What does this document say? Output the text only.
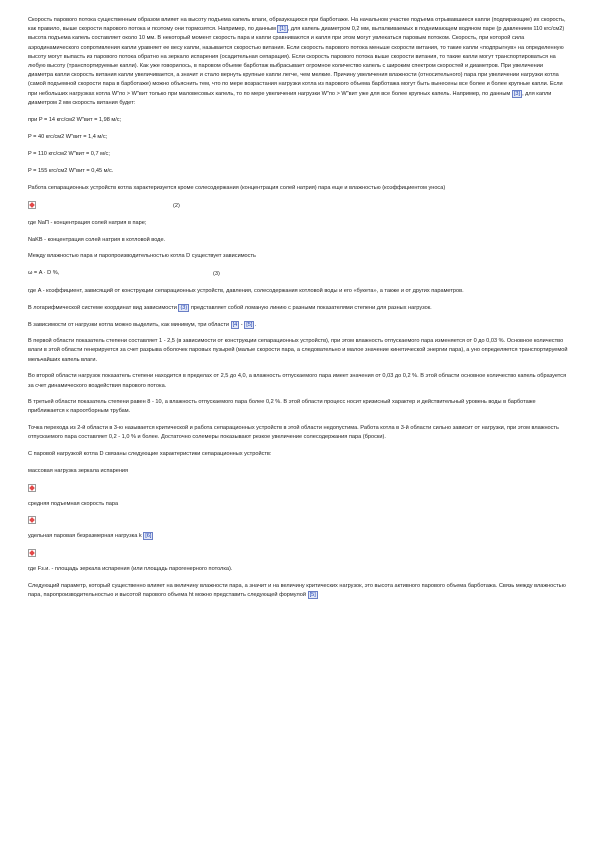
Скорость парового потока существенным образом влияет на высоту подъема капель влаги, образующихся при барботаже. На начальном участке подъема отрывавшиеся капли (подпирающие) их скорость, как правило, выше скорости парового потока и поэтому они тормозятся. Например, по данным [1] , для капель диаметром 0,2 мм, выталкиваемых в поднимающем водяном паре (р давлением 110 кгс/см2) высота подъема капель составляет около 10 мм. В некоторый момент скорость пара и капли сравниваются и капля при этом могут увлекаться паровым потоком. Скорость, при которой сила аэродинамического сопротивления капли уравняет ее весу капли, называется скоростью витания. Если скорость парового потока меньше скорости витания, то такие капли «подпрыгнув» на определенную высоту могут выпасть из парового потока обратно на зеркало испарения (осадительная сепарация). Если скорость парового потока выше скорости витания, то такие капли могут транспортироваться на любую высоту (транспортируемые капли). Как уже говорилось, в паровом объеме барботаж выбрасывает огромное количество капель с широким спектром скоростей и диаметров. При увеличении диаметра капли скорость витания капли увеличивается, а значит и стало вернуть крупные капли легче, чем мелкие. Причину увеличения влажности (относительного) пара при увеличении нагрузки котла (самой подъемной скорости пара в барботаже) можно объяснить тем, что по мере возрастания нагрузки котла из парового объема барботажа могут быть вынесены все более и более крупные капли. Если при небольших нагрузках котла W"пo > W"вит только при маловесовых капель, то по мере увеличения нагрузки W"пo > W"вит уже для все более крупных капель. Например, по данным [3] , для капли диаметром 2 мм скорость витания будет:

при P = 14 кгс/см2 W"вит = 1,98 м/с;

P = 40 кгс/см2 W"вит = 1,4 м/с;

P = 110 кгс/см2 W"вит = 0,7 м/с;

P = 155 кгс/см2 W"вит = 0,45 м/с.

Работа сепарационных устройств котла характеризуется кроме солесодержания (концентрация солей натрия) пара еще и влажностью (коэффициентом уноса)

(2)

где NaП - концентрация солей натрия в паре;

NaKB - концентрация солей натрия в котловой воде.

Между влажностью пара и паропроизводительностью котла D существует зависимость

ω = A · D %,	(3)

где A - коэффициент, зависящий от конструкции сепарационных устройств, давления, солесодержания котловой воды и его «букета», а также и от других параметров.

В логарифмической системе координат вид зависимости (3) представляет собой ломаную линию с разными показателями степени для разных нагрузок.

В зависимости от нагрузки котла можно выделить, как минимум, три области [4 - [5] .

В первой области показатель степени составляет 1 - 2,5 (в зависимости от конструкции сепарационных устройств), при этом влажность отпускаемого пара изменяется от 0 до 0,03 %. Основное количество влаги в этой области генерируется за счет разрыва оболочек паровых пузырей (малые скорости пара, а следовательно и малое значение кинетической энергии пара), а уно определяется транспортируемой мельчайших капель влаги.

Во второй области нагрузок показатель степени находится в пределах от 2,5 до 4,0, а влажность отпускаемого пара имеет значения от 0,03 до 0,2 %. В этой области основное количество капель образуется за счет динамического воздействия парового потока.

В третьей области показатель степени равен 8 - 10, а влажность отпускаемого пара более 0,2 %. В этой области процесс носит кризисный характер и действительный уровень воды в барботаже приближается к пароотборным трубам.

Точка перехода из 2-й области в 3-ю называется критической и работа сепарационных устройств в этой области недопустима. Работа котла в 3-й области сильно зависит от нагрузки, при этом влажность отпускаемого пара составляет 0,2 - 1,0 % и более. Достаточно солемеры показывают резкое увеличение солесодержания пара (броски).

С паровой нагрузкой котла D связаны следующие характеристики сепарационных устройств:

массовая нагрузка зеркала испарения

средняя подъемная скорость пара

удельная паровая безразмерная нагрузка k [6]

где Fз.и. - площадь зеркала испарения (или площадь парогенерного потолка).

Следующий параметр, который существенно влияет на величину влажности пара, а значит и на величину критических нагрузок, это высота активного парового объема барботажа. Связь между влажностью пара, паропроизводительностью и высотой парового объема ht можно представить следующей формулой [5]
